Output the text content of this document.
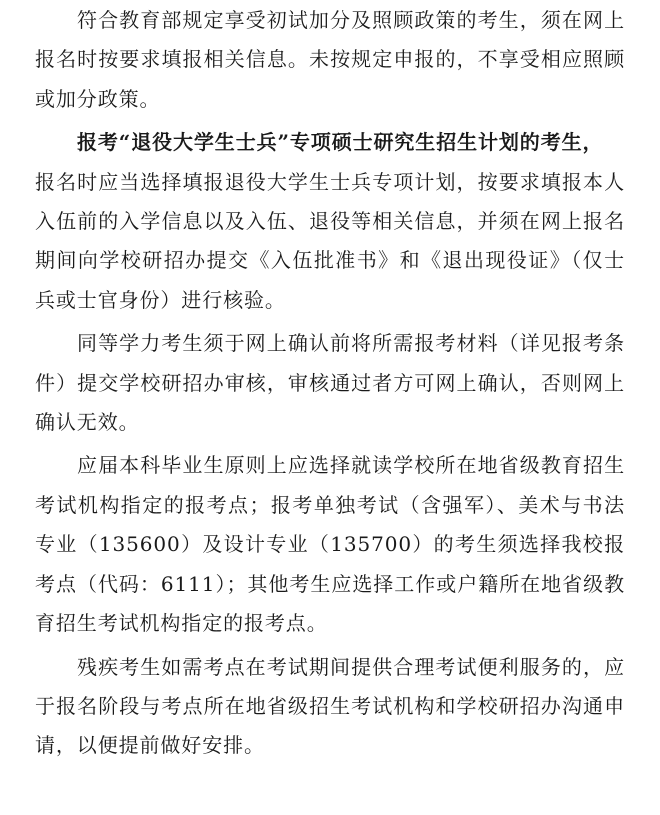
符合教育部规定享受初试加分及照顾政策的考生，须在网上报名时按要求填报相关信息。未按规定申报的，不享受相应照顾或加分政策。

报考“退役大学生士兵”专项硕士研究生招生计划的考生，

报名时应当选择填报退役大学生士兵专项计划，按要求填报本人入伍前的入学信息以及入伍、退役等相关信息，并须在网上报名期间向学校研招办提交《入伍批准书》和《退出现役证》（仅士兵或士官身份）进行核验。

同等学力考生须于网上确认前将所需报考材料（详见报考条件）提交学校研招办审核，审核通过者方可网上确认，否则网上确认无效。

应届本科毕业生原则上应选择就读学校所在地省级教育招生考试机构指定的报考点；报考单独考试（含强军）、美术与书法专业（135600）及设计专业（135700）的考生须选择我校报考点（代码：6111）；其他考生应选择工作或户籍所在地省级教育招生考试机构指定的报考点。

残疾考生如需考点在考试期间提供合理考试便利服务的，应于报名阶段与考点所在地省级招生考试机构和学校研招办沟通申请，以便提前做好安排。
